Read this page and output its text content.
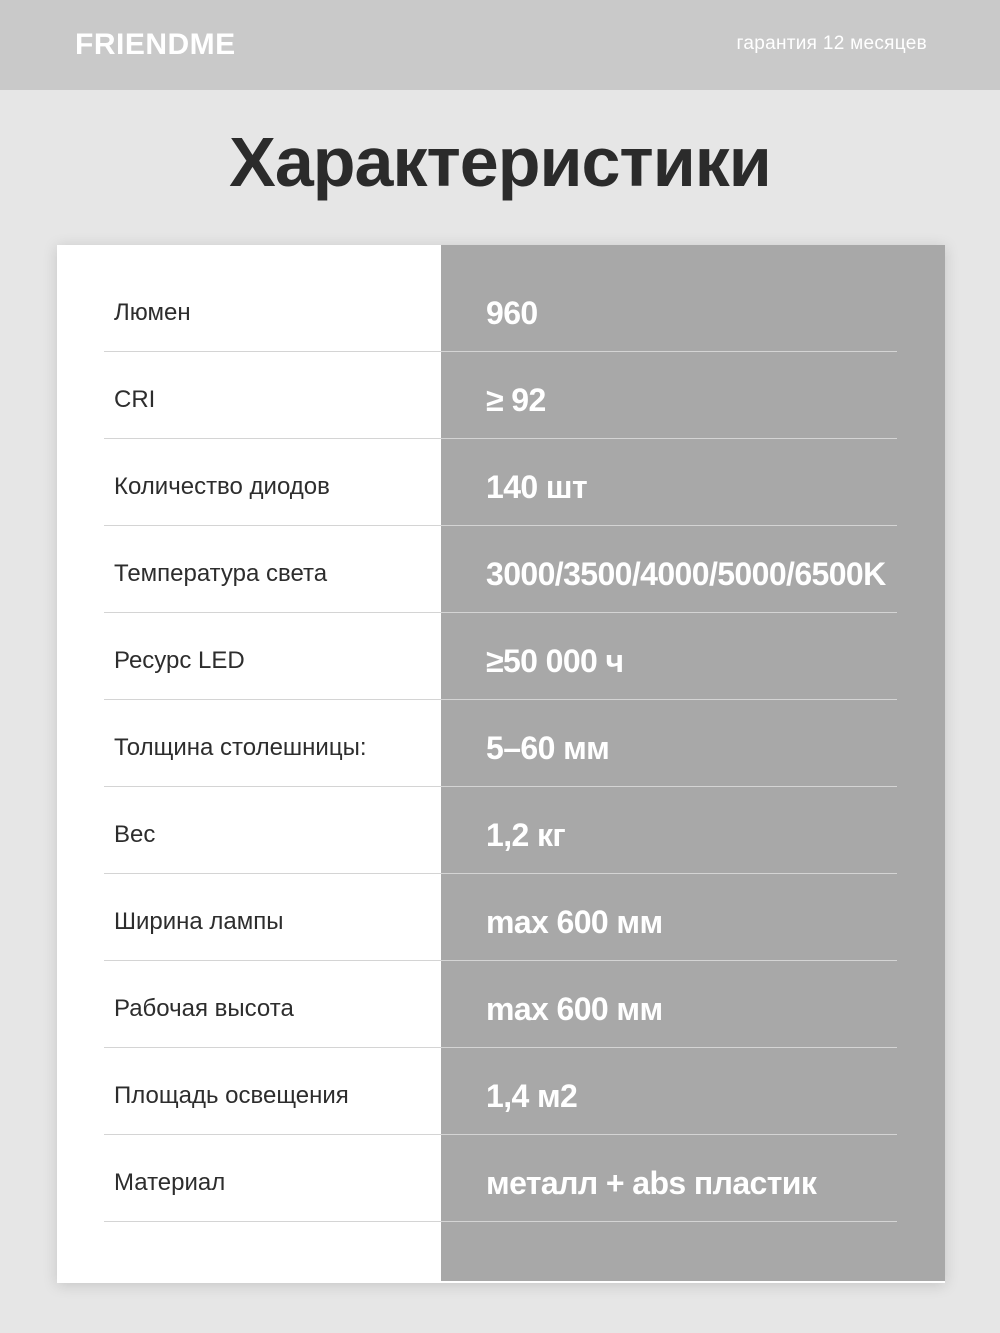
FRIENDME	гарантия 12 месяцев
Характеристики
Люмен	960
CRI	≥ 92
Количество диодов	140 шт
Температура света	3000/3500/4000/5000/6500K
Ресурс LED	≥50 000 ч
Толщина столешницы:	5–60 мм
Вес	1,2 кг
Ширина лампы	max 600 мм
Рабочая высота	max 600 мм
Площадь освещения	1,4 м2
Материал	металл + abs пластик
